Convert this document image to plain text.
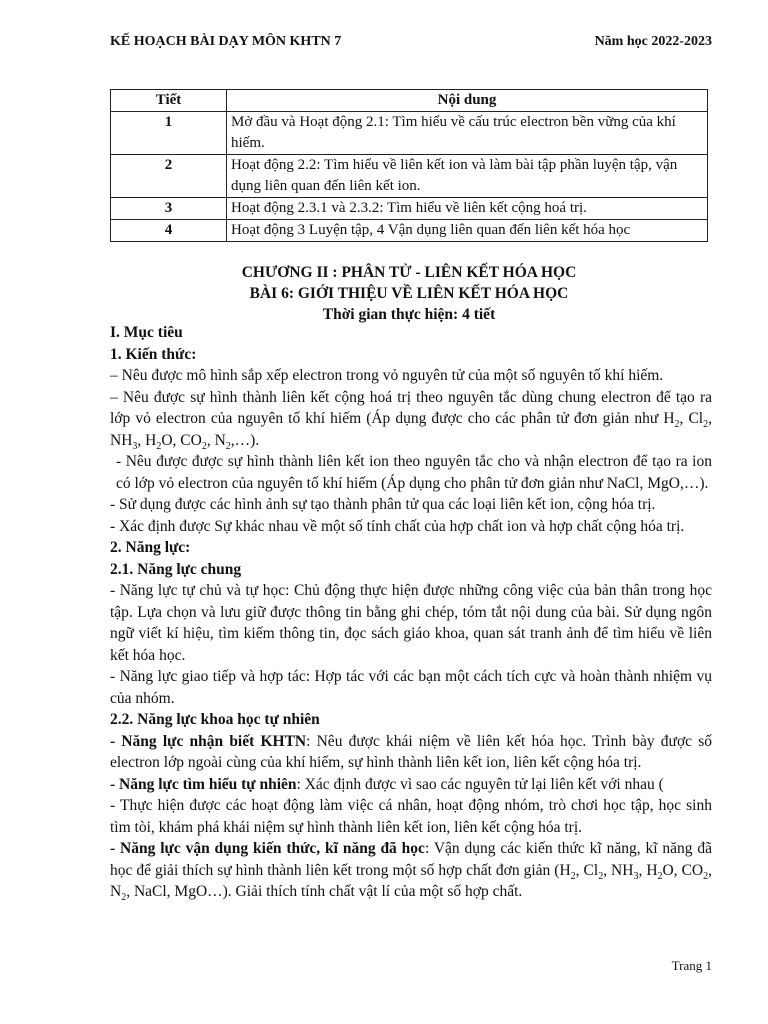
KẾ HOẠCH BÀI DẠY MÔN KHTN 7	Năm học 2022-2023
Tiết	Nội dung
1	Mở đầu và Hoạt động 2.1: Tìm hiểu về cấu trúc electron bền vững của khí hiếm.
2	Hoạt động 2.2: Tìm hiểu về liên kết ion và làm bài tập phần luyện tập, vận dụng liên quan đến liên kết ion.
3	Hoạt động 2.3.1 và 2.3.2: Tìm hiểu về liên kết cộng hoá trị.
4	Hoạt động 3 Luyện tập, 4 Vận dụng liên quan đến liên kết hóa học
CHƯƠNG II : PHÂN TỬ - LIÊN KẾT HÓA HỌC
BÀI 6: GIỚI THIỆU VỀ LIÊN KẾT HÓA HỌC
Thời gian thực hiện: 4 tiết

I. Mục tiêu

1. Kiến thức:

– Nêu được mô hình sắp xếp electron trong vỏ nguyên tử của một số nguyên tố khí hiếm.

– Nêu được sự hình thành liên kết cộng hoá trị theo nguyên tắc dùng chung electron để tạo ra lớp vỏ electron của nguyên tố khí hiếm (Áp dụng được cho các phân tử đơn giản như $H_2$, $Cl_2$, $NH_3$, $H_2O$, $CO_2$, $N_2,\dots$).

- Nêu được được sự hình thành liên kết ion theo nguyên tắc cho và nhận electron để tạo ra ion có lớp vỏ electron của nguyên tố khí hiếm (Áp dụng cho phân tử đơn giản như NaCl, MgO,…).

- Sử dụng được các hình ảnh sự tạo thành phân tử qua các loại liên kết ion, cộng hóa trị.

- Xác định được Sự khác nhau về một số tính chất của hợp chất ion và hợp chất cộng hóa trị.

2. Năng lực:

2.1. Năng lực chung

- Năng lực tự chủ và tự học: Chủ động thực hiện được những công việc của bản thân trong học tập. Lựa chọn và lưu giữ được thông tin bằng ghi chép, tóm tắt nội dung của bài. Sử dụng ngôn ngữ viết kí hiệu, tìm kiếm thông tin, đọc sách giáo khoa, quan sát tranh ảnh để tìm hiểu về liên kết hóa học.

- Năng lực giao tiếp và hợp tác: Hợp tác với các bạn một cách tích cực và hoàn thành nhiệm vụ của nhóm.

2.2. Năng lực khoa học tự nhiên

- Năng lực nhận biết KHTN: Nêu được khái niệm về liên kết hóa học. Trình bày được số electron lớp ngoài cùng của khí hiếm, sự hình thành liên kết ion, liên kết cộng hóa trị.

- Năng lực tìm hiểu tự nhiên: Xác định được vì sao các nguyên tử lại liên kết với nhau (

- Thực hiện được các hoạt động làm việc cá nhân, hoạt động nhóm, trò chơi học tập, học sinh tìm tòi, khám phá khái niệm sự hình thành liên kết ion, liên kết cộng hóa trị.

- Năng lực vận dụng kiến thức, kĩ năng đã học: Vận dụng các kiến thức kĩ năng, kĩ năng đã học để giải thích sự hình thành liên kết trong một số hợp chất đơn giản ($H_2$, $Cl_2$, $NH_3$, $H_2O$, $CO_2$, $N_2$, NaCl, MgO…). Giải thích tính chất vật lí của một số hợp chất.

Trang 1
